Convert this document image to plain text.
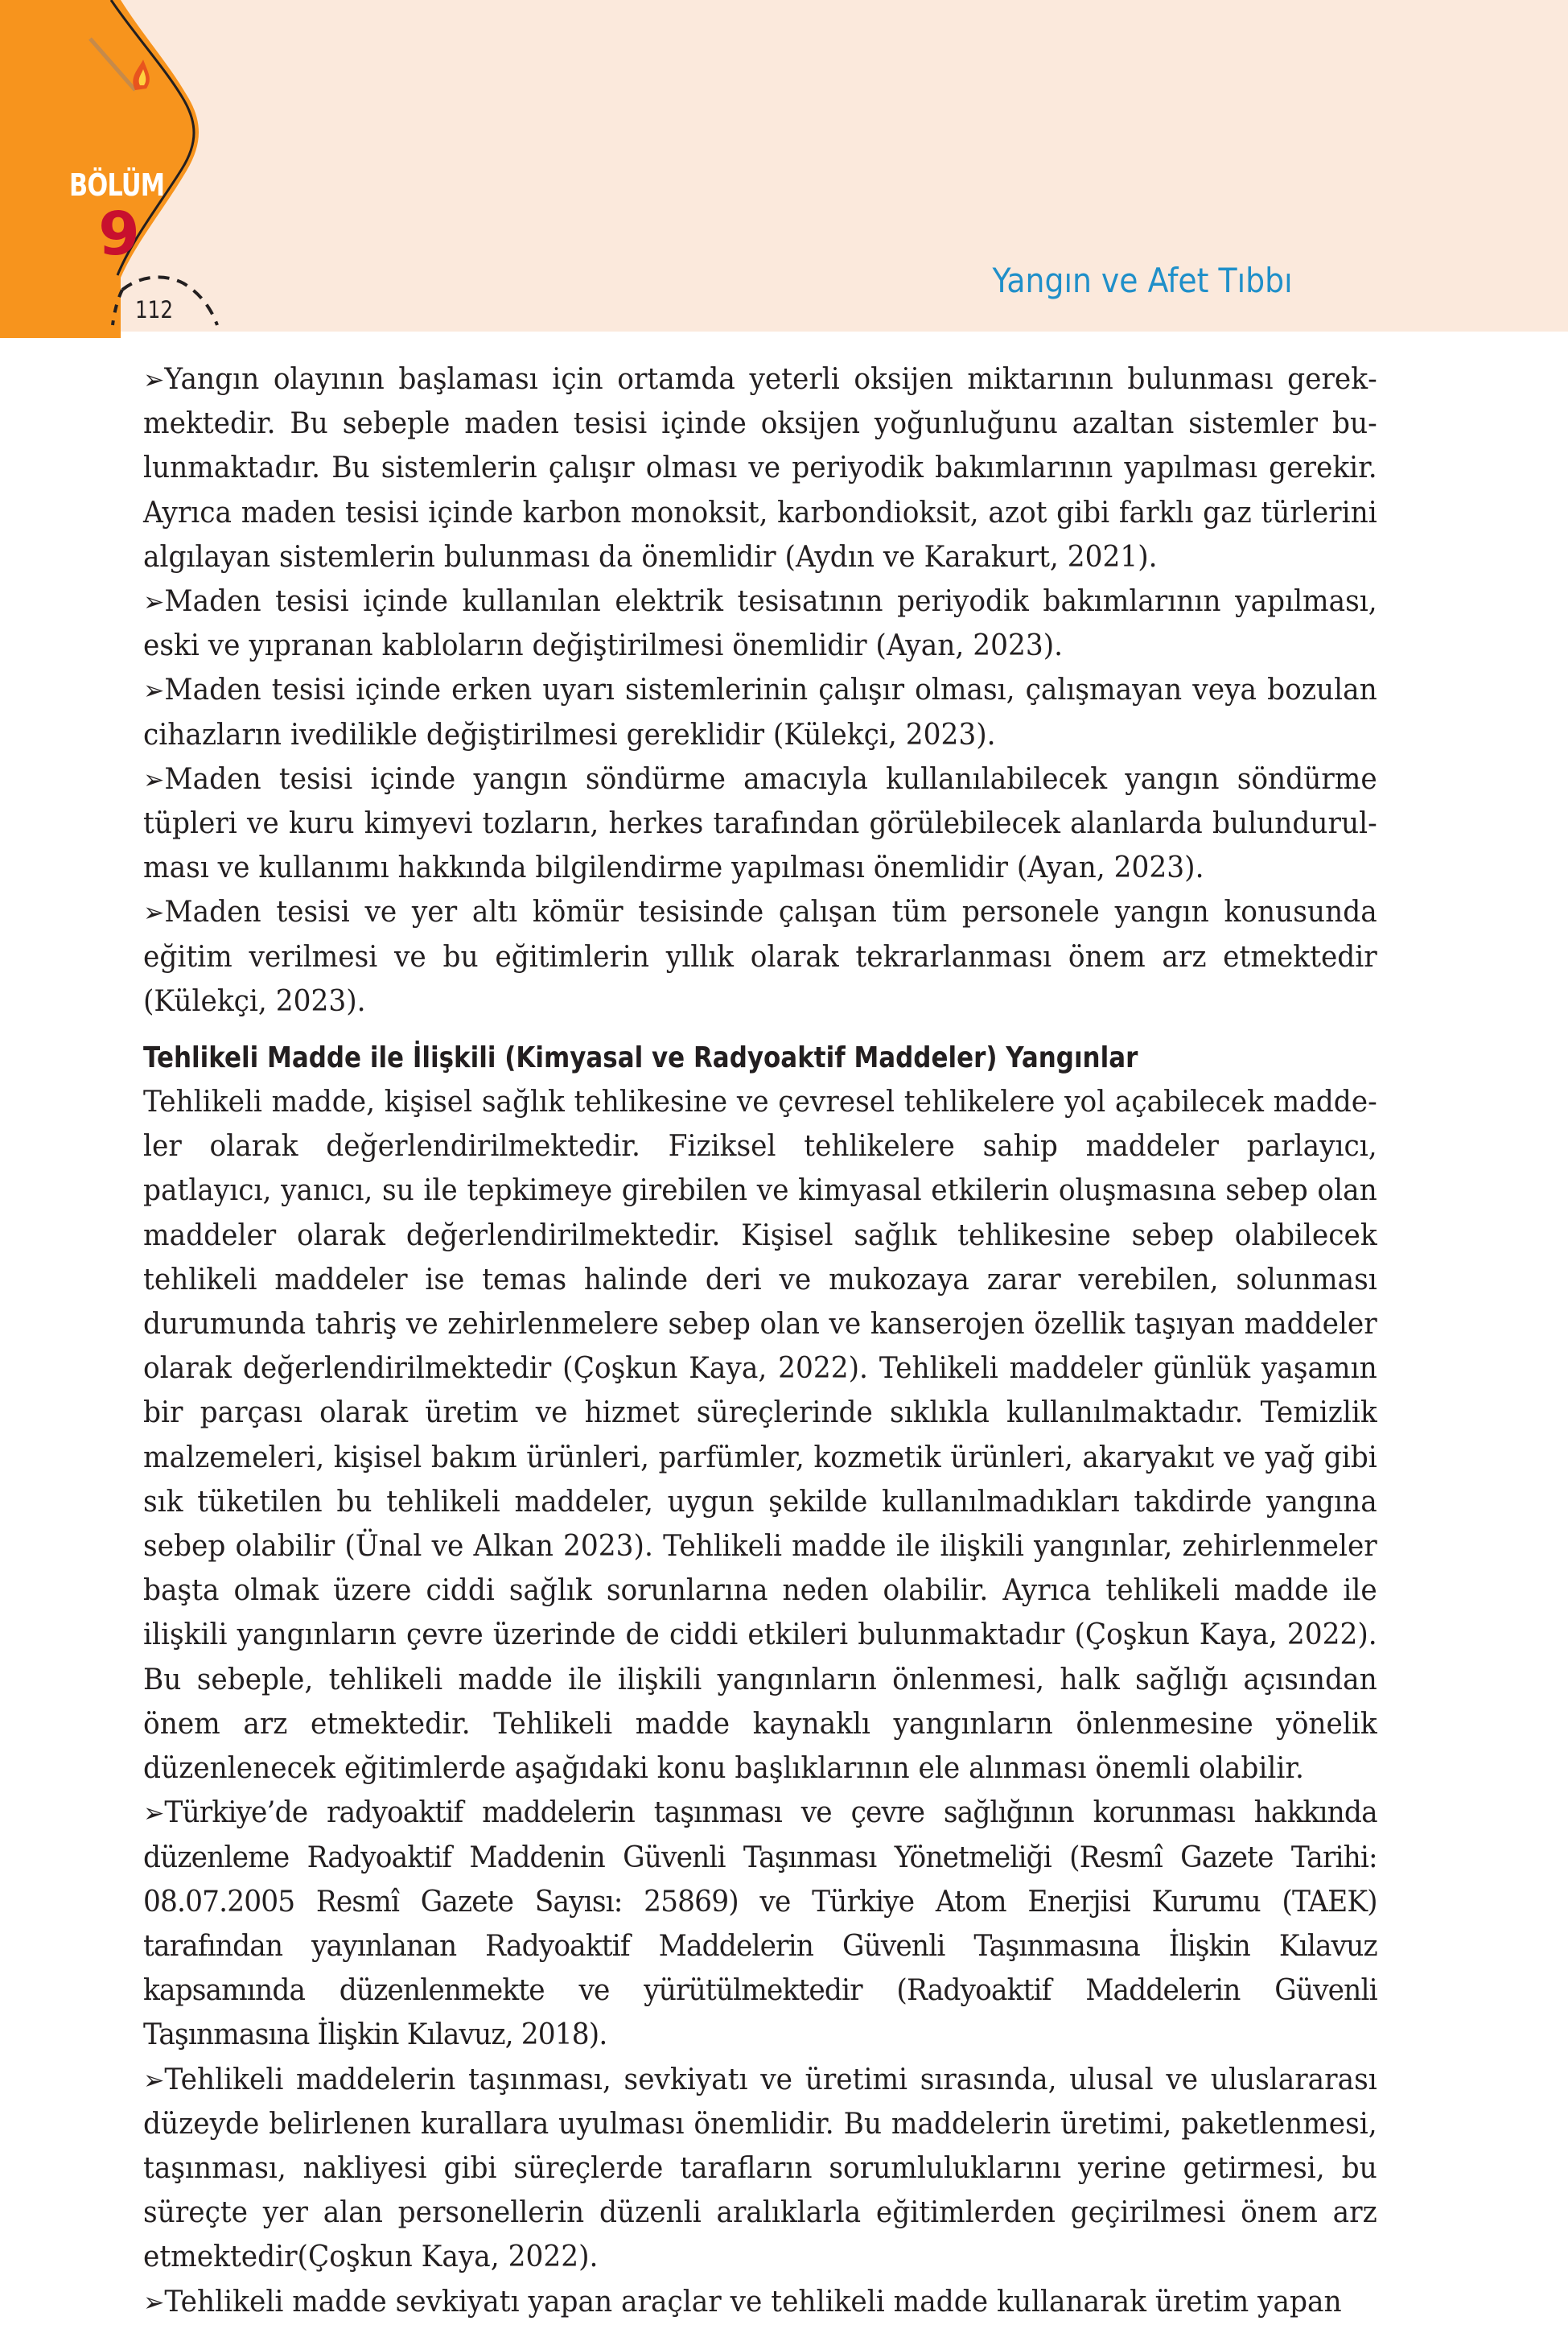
BÖLÜM
9
112
Yangın ve Afet Tıbbı

➢Yangın olayının başlaması için ortamda yeterli oksijen miktarının bulunması gerekmektedir. Bu sebeple maden tesisi içinde oksijen yoğunluğunu azaltan sistemler bulunmaktadır. Bu sistemlerin çalışır olması ve periyodik bakımlarının yapılması gerekir. Ayrıca maden tesisi içinde karbon monoksit, karbondioksit, azot gibi farklı gaz türlerini algılayan sistemlerin bulunması da önemlidir (Aydın ve Karakurt, 2021).

➢Maden tesisi içinde kullanılan elektrik tesisatının periyodik bakımlarının yapılması, eski ve yıpranan kabloların değiştirilmesi önemlidir (Ayan, 2023).

➢Maden tesisi içinde erken uyarı sistemlerinin çalışır olması, çalışmayan veya bozulan cihazların ivedilikle değiştirilmesi gereklidir (Külekçi, 2023).

➢Maden tesisi içinde yangın söndürme amacıyla kullanılabilecek yangın söndürme tüpleri ve kuru kimyevi tozların, herkes tarafından görülebilecek alanlarda bulundurulması ve kullanımı hakkında bilgilendirme yapılması önemlidir (Ayan, 2023).

➢Maden tesisi ve yer altı kömür tesisinde çalışan tüm personele yangın konusunda eğitim verilmesi ve bu eğitimlerin yıllık olarak tekrarlanması önem arz etmektedir (Külekçi, 2023).

Tehlikeli Madde ile İlişkili (Kimyasal ve Radyoaktif Maddeler) Yangınlar

Tehlikeli madde, kişisel sağlık tehlikesine ve çevresel tehlikelere yol açabilecek maddeler olarak değerlendirilmektedir. Fiziksel tehlikelere sahip maddeler parlayıcı, patlayıcı, yanıcı, su ile tepkimeye girebilen ve kimyasal etkilerin oluşmasına sebep olan maddeler olarak değerlendirilmektedir. Kişisel sağlık tehlikesine sebep olabilecek tehlikeli maddeler ise temas halinde deri ve mukozaya zarar verebilen, solunması durumunda tahriş ve zehirlenmelere sebep olan ve kanserojen özellik taşıyan maddeler olarak değerlendirilmektedir (Çoşkun Kaya, 2022). Tehlikeli maddeler günlük yaşamın bir parçası olarak üretim ve hizmet süreçlerinde sıklıkla kullanılmaktadır. Temizlik malzemeleri, kişisel bakım ürünleri, parfümler, kozmetik ürünleri, akaryakıt ve yağ gibi sık tüketilen bu tehlikeli maddeler, uygun şekilde kullanılmadıkları takdirde yangına sebep olabilir (Ünal ve Alkan 2023). Tehlikeli madde ile ilişkili yangınlar, zehirlenmeler başta olmak üzere ciddi sağlık sorunlarına neden olabilir. Ayrıca tehlikeli madde ile ilişkili yangınların çevre üzerinde de ciddi etkileri bulunmaktadır (Çoşkun Kaya, 2022). Bu sebeple, tehlikeli madde ile ilişkili yangınların önlenmesi, halk sağlığı açısından önem arz etmektedir. Tehlikeli madde kaynaklı yangınların önlenmesine yönelik düzenlenecek eğitimlerde aşağıdaki konu başlıklarının ele alınması önemli olabilir.

➢Türkiye’de radyoaktif maddelerin taşınması ve çevre sağlığının korunması hakkında düzenleme Radyoaktif Maddenin Güvenli Taşınması Yönetmeliği (Resmî Gazete Tarihi: 08.07.2005 Resmî Gazete Sayısı: 25869) ve Türkiye Atom Enerjisi Kurumu (TAEK) tarafından yayınlanan Radyoaktif Maddelerin Güvenli Taşınmasına İlişkin Kılavuz kapsamında düzenlenmekte ve yürütülmektedir (Radyoaktif Maddelerin Güvenli Taşınmasına İlişkin Kılavuz, 2018).

➢Tehlikeli maddelerin taşınması, sevkiyatı ve üretimi sırasında, ulusal ve uluslararası düzeyde belirlenen kurallara uyulması önemlidir. Bu maddelerin üretimi, paketlenmesi, taşınması, nakliyesi gibi süreçlerde tarafların sorumluluklarını yerine getirmesi, bu süreçte yer alan personellerin düzenli aralıklarla eğitimlerden geçirilmesi önem arz etmektedir(Çoşkun Kaya, 2022).

➢Tehlikeli madde sevkiyatı yapan araçlar ve tehlikeli madde kullanarak üretim yapan
